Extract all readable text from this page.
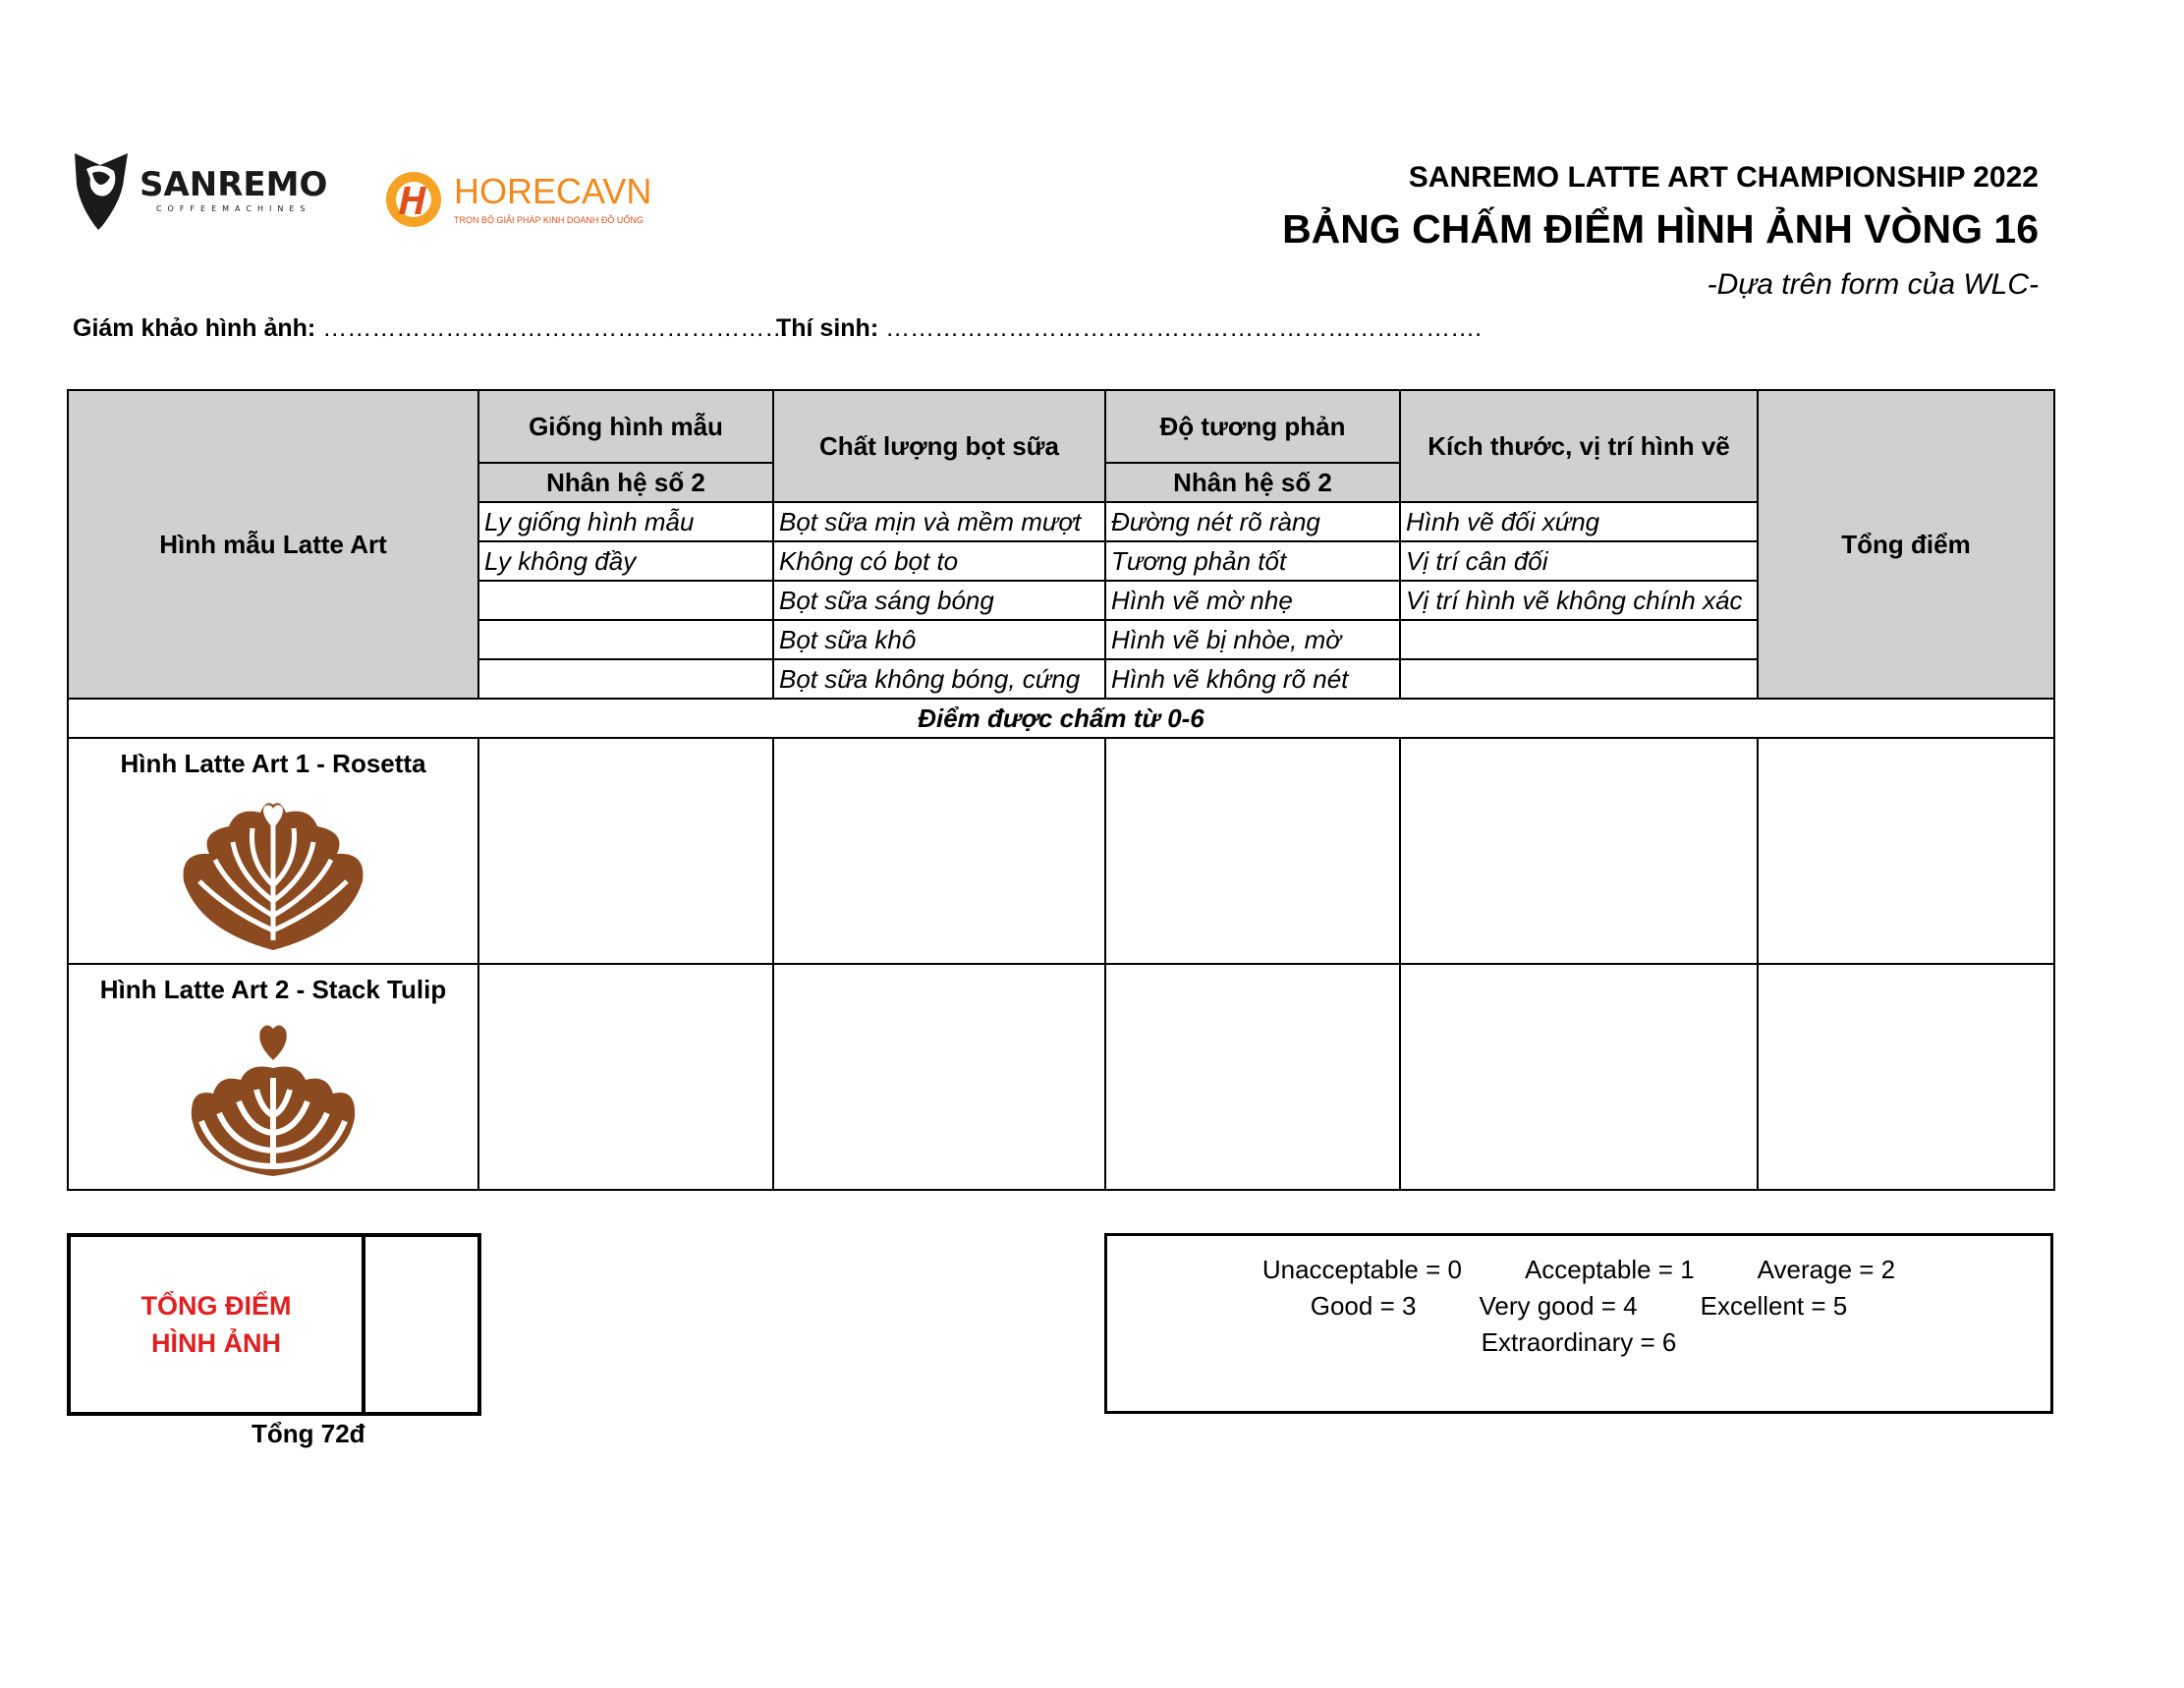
SANREMO
COFFEEMACHINES	HORECAVN
TRỌN BỘ GIẢI PHÁP KINH DOANH ĐỒ UỐNG
SANREMO LATTE ART CHAMPIONSHIP 2022
BẢNG CHẤM ĐIỂM HÌNH ẢNH VÒNG 16
-Dựa trên form của WLC-
Giám khảo hình ảnh: …………………………………………………
Thí sinh: ……………………………………………………………….
Hình mẫu Latte Art	Giống hình mẫu	Chất lượng bọt sữa	Độ tương phản	Kích thước, vị trí hình vẽ	Tổng điểm
	Nhân hệ số 2		Nhân hệ số 2		
	Ly giống hình mẫu	Bọt sữa mịn và mềm mượt	Đường nét rõ ràng	Hình vẽ đối xứng	
	Ly không đầy	Không có bọt to	Tương phản tốt	Vị trí cân đối	
		Bọt sữa sáng bóng	Hình vẽ mờ nhẹ	Vị trí hình vẽ không chính xác	
		Bọt sữa khô	Hình vẽ bị nhòe, mờ		
		Bọt sữa không bóng, cứng	Hình vẽ không rõ nét		
Điểm được chấm từ 0-6					

Hình Latte Art 1 - Rosetta					

Hình Latte Art 2 - Stack Tulip					

TỔNG ĐIỂM
HÌNH ẢNH
Tổng 72đ
Unacceptable = 0 Acceptable = 1 Average = 2
Good = 3 Very good = 4 Excellent = 5
Extraordinary = 6
